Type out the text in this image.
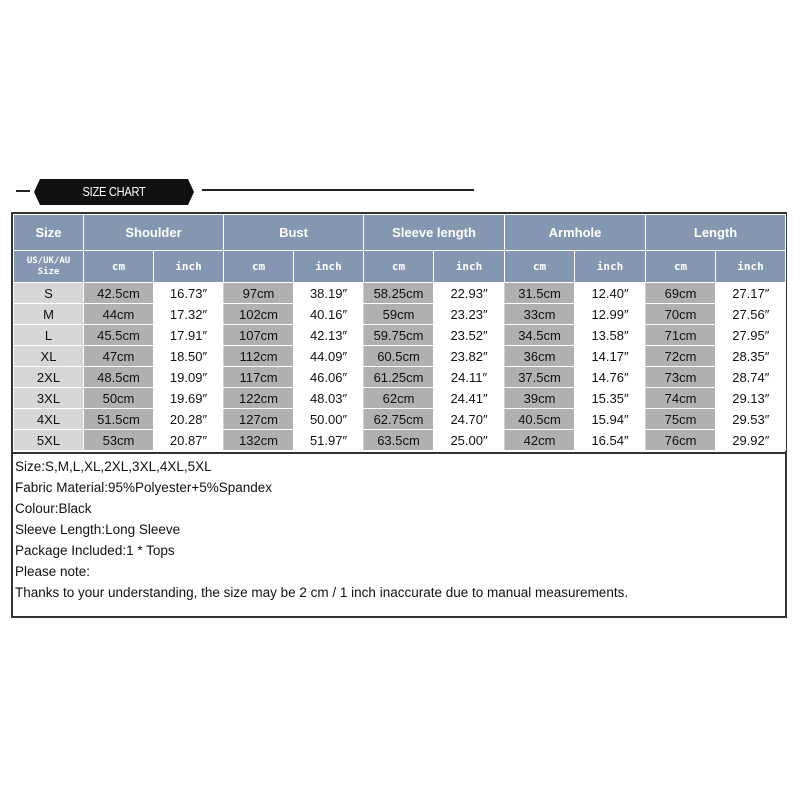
SIZE CHART
Size	Shoulder		Bust		Sleeve length		Armhole		Length	
US/UK/AU Size	cm	inch	cm	inch	cm	inch	cm	inch	cm	inch
S	42.5cm	16.73″	97cm	38.19″	58.25cm	22.93″	31.5cm	12.40″	69cm	27.17″
M	44cm	17.32″	102cm	40.16″	59cm	23.23″	33cm	12.99″	70cm	27.56″
L	45.5cm	17.91″	107cm	42.13″	59.75cm	23.52″	34.5cm	13.58″	71cm	27.95″
XL	47cm	18.50″	112cm	44.09″	60.5cm	23.82″	36cm	14.17″	72cm	28.35″
2XL	48.5cm	19.09″	117cm	46.06″	61.25cm	24.11″	37.5cm	14.76″	73cm	28.74″
3XL	50cm	19.69″	122cm	48.03″	62cm	24.41″	39cm	15.35″	74cm	29.13″
4XL	51.5cm	20.28″	127cm	50.00″	62.75cm	24.70″	40.5cm	15.94″	75cm	29.53″
5XL	53cm	20.87″	132cm	51.97″	63.5cm	25.00″	42cm	16.54″	76cm	29.92″
Size:S,M,L,XL,2XL,3XL,4XL,5XL
Fabric Material:95%Polyester+5%Spandex
Colour:Black
Sleeve Length:Long Sleeve
Package Included:1 * Tops
Please note:
Thanks to your understanding, the size may be 2 cm / 1 inch inaccurate due to manual measurements.
